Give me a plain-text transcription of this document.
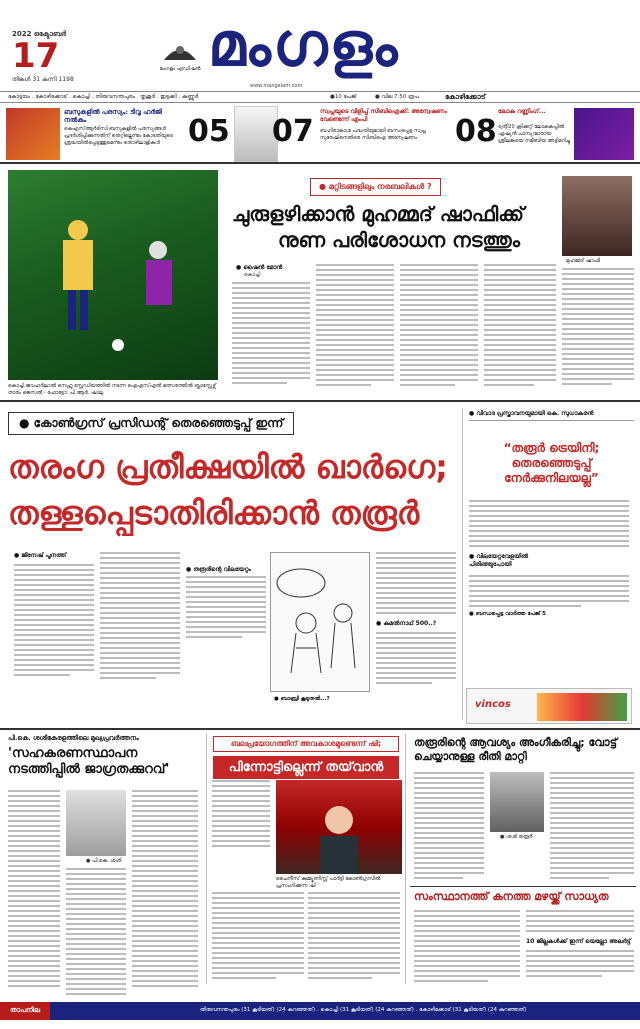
2022 ഒക്ടോബർ
17
തിങ്കൾ 31 കന്നി 1198
മംഗളം എഡിഷൻ മംഗളം
www.mangalam.com
കോട്ടയം . കോഴിക്കോട് . കൊച്ചി . തിരുവനന്തപുരം . തൃശൂർ . ഇടുക്കി . കണ്ണൂർ	●10 പേജ്	● വില 7.50 രൂപ	കോഴിക്കോട്
ബസുകളിൽ പരസ്യം: ടിവൃ ഹർജി നൽകും
കെഎസ്ആർടിസി ബസുകളിൽ പരസ്യങ്ങൾ പ്രദർശിപ്പിക്കുന്നതിന് തെറ്റില്ലെന്നും കോടതിയുടെ ശ്രദ്ധയിൽപ്പെടുത്തുമെന്നും തൊഴിലാളികൾ 05 07
സ്വപ്നയുടെ വിളിപ്പ് സിബിഐക്ക്: അന്വേഷണം വേണ്ടെന്ന് എംപി
ബഹിരാകാശ പദ്ധതിയുമായി ബന്ധപ്പെട്ട സ്വപ്ന സുരേഷിനെതിരെ സിബിഐ അന്വേഷണം	08
ലോക റണ്ണിംഗ്...
ട്വന്റി20 ക്രിക്കറ്റ് ലോകകപ്പിൽ ഏഷ്യൻ ചാമ്പ്യന്മാരായ ശ്രീലങ്കയെ നമീബിയ അട്ടിമറിച്ചു
കൊച്ചി ജവഹർലാൽ നെഹ്രു സ്റ്റേഡിയത്തിൽ നടന്ന ഐഎസ്എൽ മത്സരത്തിൽ ബ്ലാസ്റ്റേഴ്സ് താരം ജെസൽ - ഫോട്ടോ: പി.ആർ. ഷാലു
● മറ്റിടങ്ങളിലും നരബലികൾ ?
ചുരുളഴിക്കാൻ മുഹമ്മദ് ഷാഫിക്ക്
നുണ പരിശോധന നടത്തും
മുഹമ്മദ് ഷാഫി
● ഷൈൻ മോൻ
കൊച്ചി
● കോൺഗ്രസ് പ്രസിഡന്റ് തെരഞ്ഞെടുപ്പ് ഇന്ന്
തരംഗ പ്രതീക്ഷയിൽ ഖാർഗെ;
തള്ളപ്പെടാതിരിക്കാൻ തരൂർ
● ജിനേഷ് പൂനത്ത്
● തരൂരിന്റെ വിലയേറ്റം
● ബാബ്രി കൂടുതൽ...?
● കമൽനാഥ് 500..?
● വിവാദ പ്രസ്താവനയുമായി കെ. സുധാകരൻ
“തരൂർ ട്രെയിനി; തെരഞ്ഞെടുപ്പ് നേർക്കുനിലയല്ല”
● വിലയേറ്റവേളയിൽ പിരിഞ്ഞുപോയി
● ബന്ധപ്പെട്ട വാർത്ത പേജ് 5
vincos
പി.കെ. ശശികേരളത്തിലെ മുഖ്യപ്രവർത്തനം
'സഹകരണസ്ഥാപന നടത്തിപ്പിൽ ജാഗ്രതക്കുറവ്'
● പി.കെ. ശശി
ബലപ്രയോഗത്തിന് അവകാശമുണ്ടെന്ന് ഷി;
പിന്നോട്ടില്ലെന്ന് തയ്‌വാൻ
ചൈനീസ് കമ്മ്യൂണിസ്റ്റ് പാർട്ടി കോൺഗ്രസിൽ പ്രസംഗിക്കുന്ന ഷി
തരൂരിന്റെ ആവശ്യം അംഗീകരിച്ചു; വോട്ട് ചെയ്യാനുള്ള രീതി മാറ്റി
● ശശി തരൂർ
സംസ്ഥാനത്ത് കനത്ത മഴയ്ക്ക് സാധ്യത
10 ജില്ലകൾക്ക് ഇന്ന് യെല്ലോ അലർട്ട്
താപനില	തിരുവനന്തപുരം (31 കൂടിയത്) (24 കുറഞ്ഞത്) . കൊച്ചി (31 കൂടിയത്) (24 കുറഞ്ഞത്) . കോഴിക്കോട് (31 കൂടിയത്) (24 കുറഞ്ഞത്)
